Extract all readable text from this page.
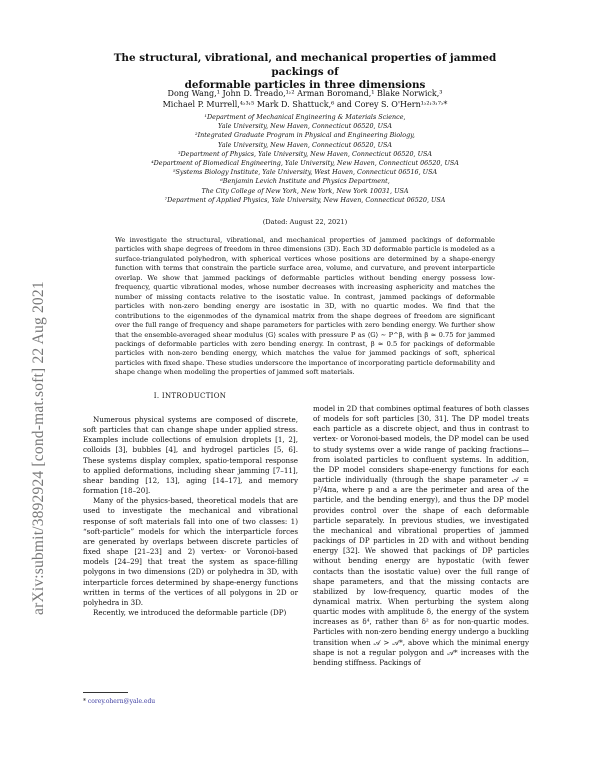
arXiv:submit/3892924 [cond-mat.soft] 22 Aug 2021
The structural, vibrational, and mechanical properties of jammed packings of
deformable particles in three dimensions
Dong Wang,¹ John D. Treado,¹˒² Arman Boromand,¹ Blake Norwick,³
Michael P. Murrell,⁴˒³˒⁵ Mark D. Shattuck,⁶ and Corey S. O'Hern¹˒²˒³˒⁷˒*
¹Department of Mechanical Engineering & Materials Science,
Yale University, New Haven, Connecticut 06520, USA
²Integrated Graduate Program in Physical and Engineering Biology,
Yale University, New Haven, Connecticut 06520, USA
³Department of Physics, Yale University, New Haven, Connecticut 06520, USA
⁴Department of Biomedical Engineering, Yale University, New Haven, Connecticut 06520, USA
⁵Systems Biology Institute, Yale University, West Haven, Connecticut 06516, USA
⁶Benjamin Levich Institute and Physics Department,
The City College of New York, New York, New York 10031, USA
⁷Department of Applied Physics, Yale University, New Haven, Connecticut 06520, USA
(Dated: August 22, 2021)
We investigate the structural, vibrational, and mechanical properties of jammed packings of deformable particles with shape degrees of freedom in three dimensions (3D). Each 3D deformable particle is modeled as a surface-triangulated polyhedron, with spherical vertices whose positions are determined by a shape-energy function with terms that constrain the particle surface area, volume, and curvature, and prevent interparticle overlap. We show that jammed packings of deformable particles without bending energy possess low-frequency, quartic vibrational modes, whose number decreases with increasing asphericity and matches the number of missing contacts relative to the isostatic value. In contrast, jammed packings of deformable particles with non-zero bending energy are isostatic in 3D, with no quartic modes. We find that the contributions to the eigenmodes of the dynamical matrix from the shape degrees of freedom are significant over the full range of frequency and shape parameters for particles with zero bending energy. We further show that the ensemble-averaged shear modulus ⟨G⟩ scales with pressure P as ⟨G⟩ ∼ P^β, with β ≈ 0.75 for jammed packings of deformable particles with zero bending energy. In contrast, β ≈ 0.5 for packings of deformable particles with non-zero bending energy, which matches the value for jammed packings of soft, spherical particles with fixed shape. These studies underscore the importance of incorporating particle deformability and shape change when modeling the properties of jammed soft materials.
I. INTRODUCTION

Numerous physical systems are composed of discrete, soft particles that can change shape under applied stress. Examples include collections of emulsion droplets [1, 2], colloids [3], bubbles [4], and hydrogel particles [5, 6]. These systems display complex, spatio-temporal response to applied deformations, including shear jamming [7–11], shear banding [12, 13], aging [14–17], and memory formation [18–20].

Many of the physics-based, theoretical models that are used to investigate the mechanical and vibrational response of soft materials fall into one of two classes: 1) “soft-particle” models for which the interparticle forces are generated by overlaps between discrete particles of fixed shape [21–23] and 2) vertex- or Voronoi-based models [24–29] that treat the system as space-filling polygons in two dimensions (2D) or polyhedra in 3D, with interparticle forces determined by shape-energy functions written in terms of the vertices of all polygons in 2D or polyhedra in 3D.

Recently, we introduced the deformable particle (DP)

model in 2D that combines optimal features of both classes of models for soft particles [30, 31]. The DP model treats each particle as a discrete object, and thus in contrast to vertex- or Voronoi-based models, the DP model can be used to study systems over a wide range of packing fractions—from isolated particles to confluent systems. In addition, the DP model considers shape-energy functions for each particle individually (through the shape parameter 𝒜 = p²/4πa, where p and a are the perimeter and area of the particle, and the bending energy), and thus the DP model provides control over the shape of each deformable particle separately. In previous studies, we investigated the mechanical and vibrational properties of jammed packings of DP particles in 2D with and without bending energy [32]. We showed that packings of DP particles without bending energy are hypostatic (with fewer contacts than the isostatic value) over the full range of shape parameters, and that the missing contacts are stabilized by low-frequency, quartic modes of the dynamical matrix. When perturbing the system along quartic modes with amplitude δ, the energy of the system increases as δ⁴, rather than δ² as for non-quartic modes. Particles with non-zero bending energy undergo a buckling transition when 𝒜 > 𝒜*, above which the minimal energy shape is not a regular polygon and 𝒜* increases with the bending stiffness. Packings of

* corey.ohern@yale.edu
